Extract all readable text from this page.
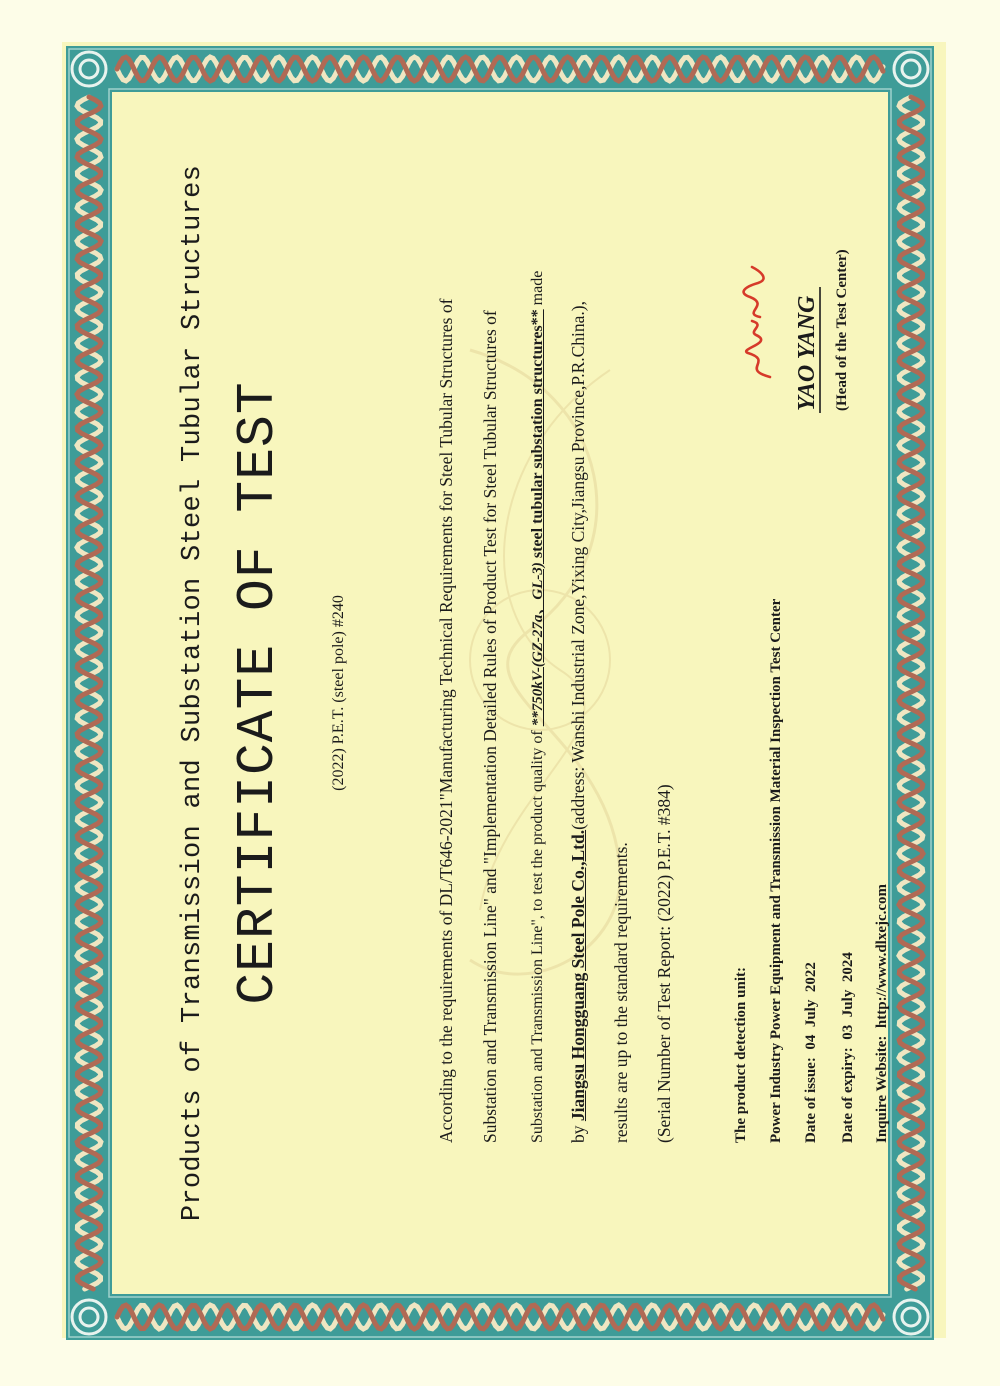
Products of Transmission and Substation Steel Tubular Structures CERTIFICATE OF TEST	(2022) P.E.T. (steel pole) #240	According to the requirements of DL/T646-2021"Manufacturing Technical Requirements for Steel Tubular Structures of Substation and Transmission Line" and "Implementation Detailed Rules of Product Test for Steel Tubular Structures of Substation and Transmission Line", to test the product quality of **750kV-(GZ-27a、GL-3) steel tubular substation structures** made
by Jiangsu Hongguang Steel Pole Co.,Ltd.(address: Wanshi Industrial Zone,Yixing City,Jiangsu Province,P.R.China.),
results are up to the standard requirements. (Serial Number of Test Report: (2022) P.E.T. #384)	The product detection unit: Power Industry Power Equipment and Transmission Material Inspection Test Center Date of issue:  04  July  2022
Date of expiry:  03  July  2024
Inquire Website:  http://www.dlxejc.com
YAO YANG (Head of the Test Center)
